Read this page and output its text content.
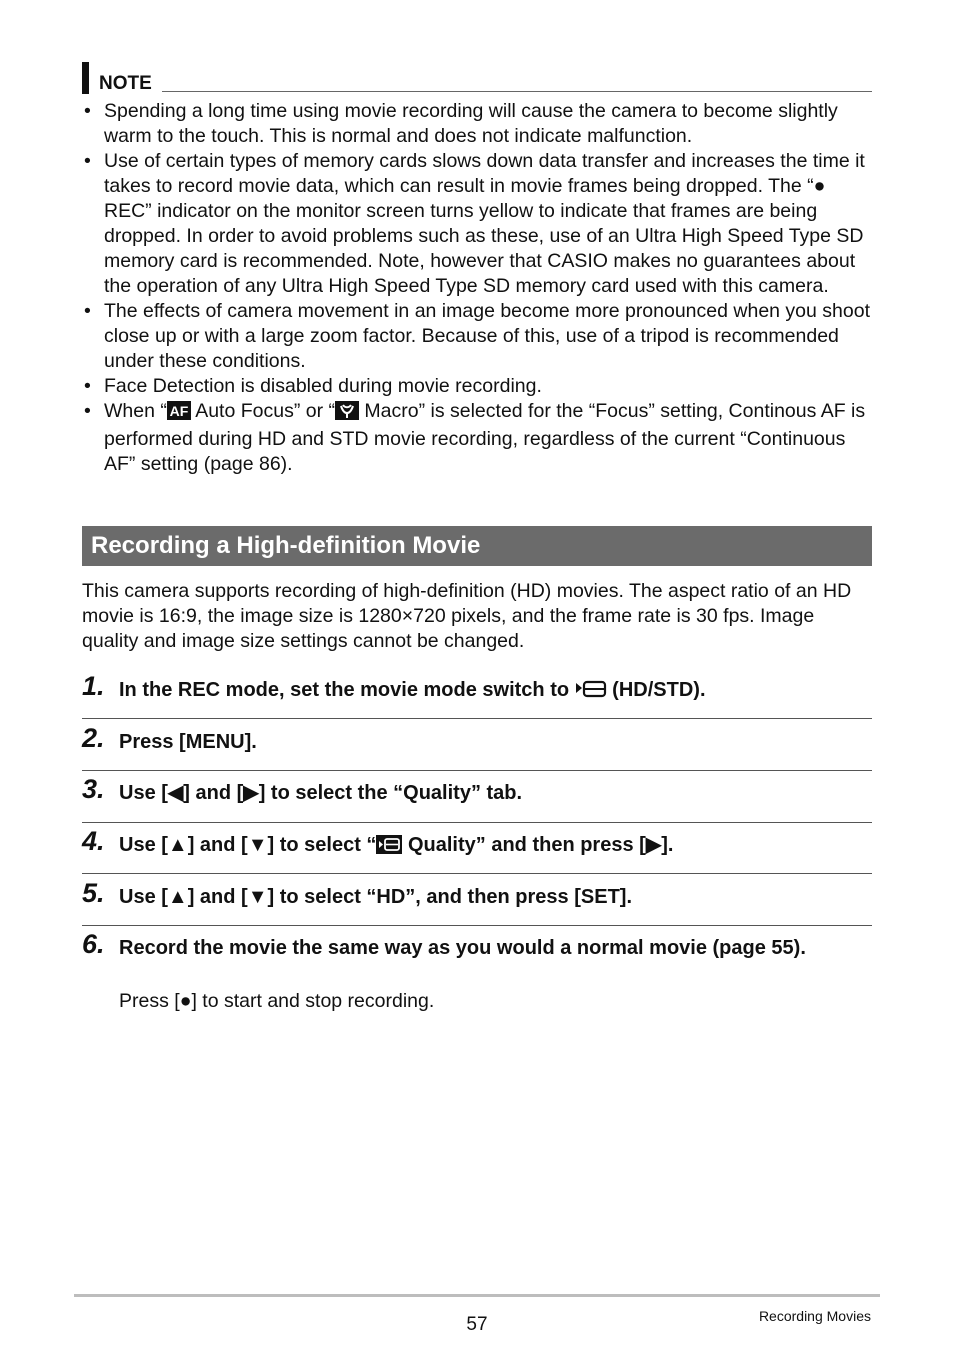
NOTE

• Spending a long time using movie recording will cause the camera to become slightly warm to the touch. This is normal and does not indicate malfunction.

• Use of certain types of memory cards slows down data transfer and increases the time it takes to record movie data, which can result in movie frames being dropped. The “● REC” indicator on the monitor screen turns yellow to indicate that frames are being dropped. In order to avoid problems such as these, use of an Ultra High Speed Type SD memory card is recommended. Note, however that CASIO makes no guarantees about the operation of any Ultra High Speed Type SD memory card used with this camera.

• The effects of camera movement in an image become more pronounced when you shoot close up or with a large zoom factor. Because of this, use of a tripod is recommended under these conditions.

• Face Detection is disabled during movie recording.

• When “ AF Auto Focus” or “ Macro” is selected for the “Focus” setting, Continous AF is performed during HD and STD movie recording, regardless of the current “Continuous AF” setting (page 86).

Recording a High-definition Movie

This camera supports recording of high-definition (HD) movies. The aspect ratio of an HD movie is 16:9, the image size is 1280×720 pixels, and the frame rate is 30 fps. Image quality and image size settings cannot be changed.

1. In the REC mode, set the movie mode switch to  (HD/STD).
2. Press [MENU].
3. Use [◀] and [▶] to select the “Quality” tab.
4. Use [▲] and [▼] to select “ Quality” and then press [▶].
5. Use [▲] and [▼] to select “HD”, and then press [SET].
6. Record the movie the same way as you would a normal movie (page 55).
Press [●] to start and stop recording.
57	Recording Movies
